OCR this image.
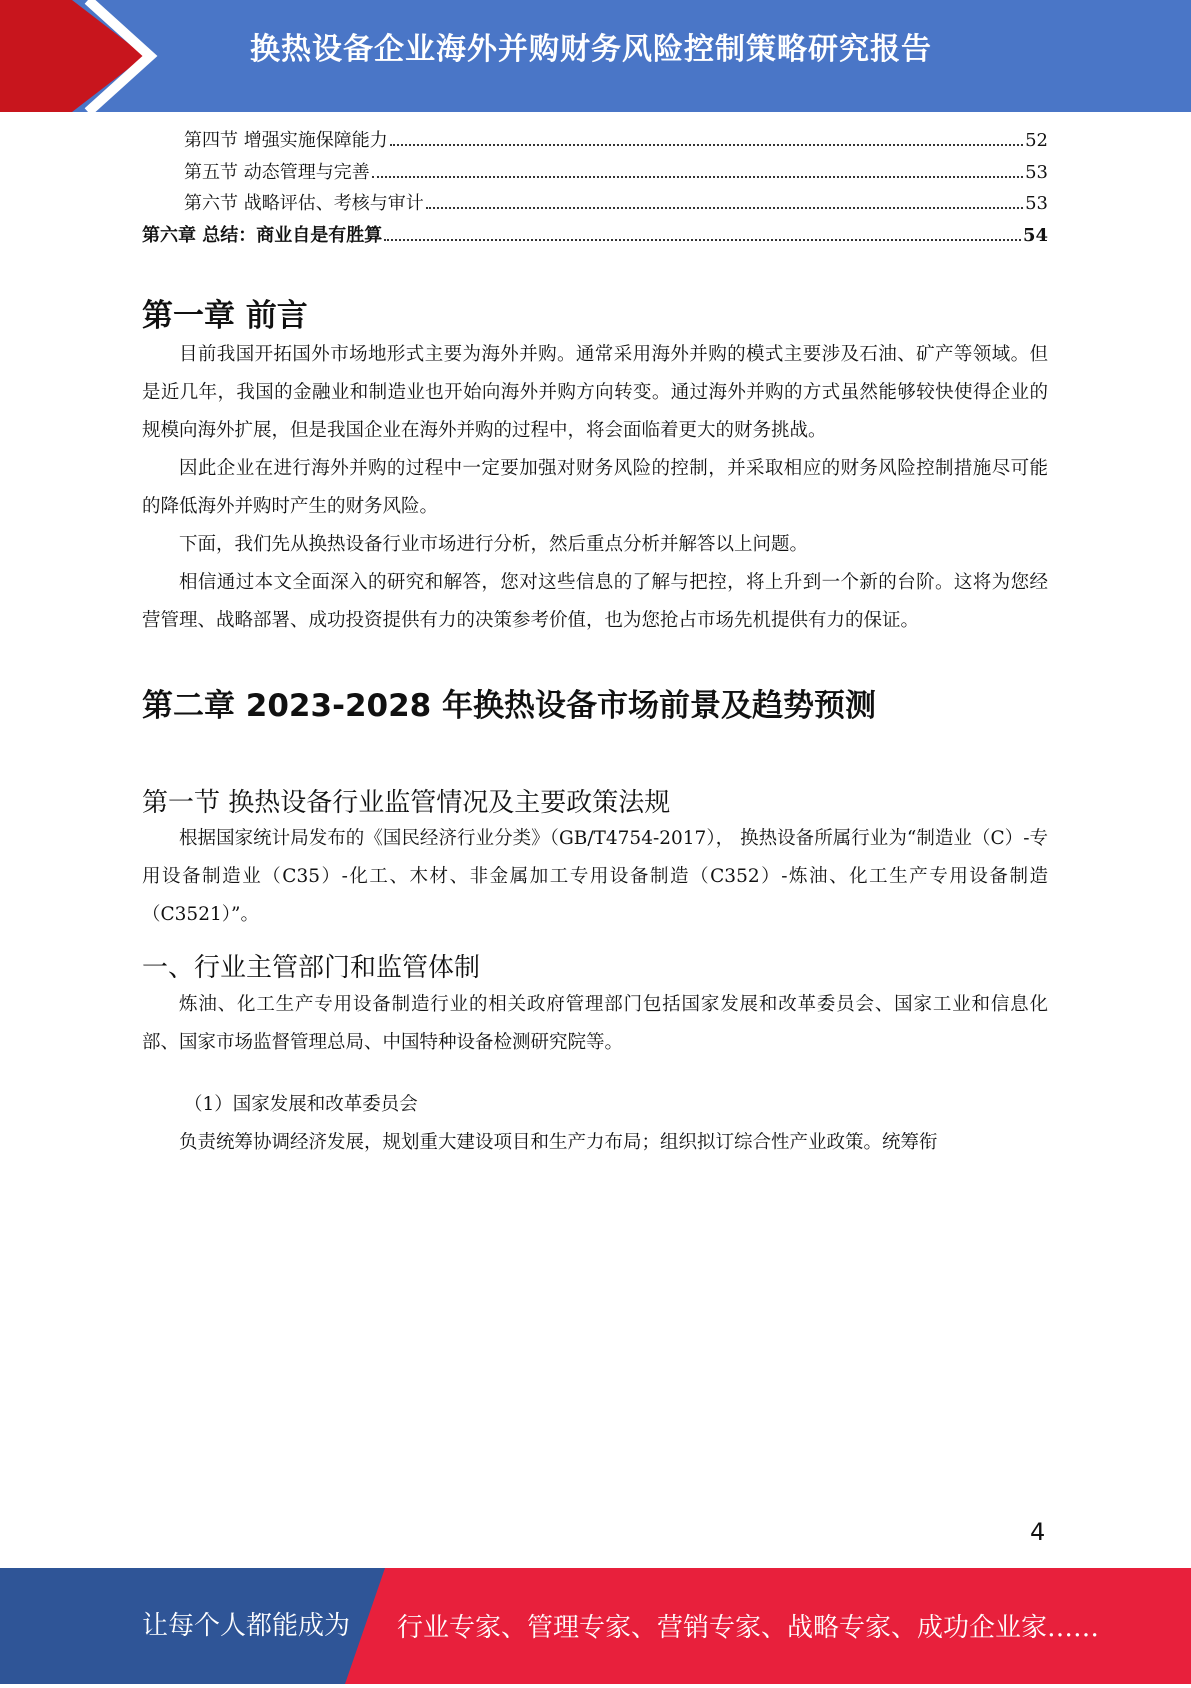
换热设备企业海外并购财务风险控制策略研究报告
第四节 增强实施保障能力	52
第五节 动态管理与完善	53
第六节 战略评估、考核与审计	53
第六章 总结：商业自是有胜算	54
第一章 前言

目前我国开拓国外市场地形式主要为海外并购。通常采用海外并购的模式主要涉及石油、矿产等领域。但是近几年，我国的金融业和制造业也开始向海外并购方向转变。通过海外并购的方式虽然能够较快使得企业的规模向海外扩展，但是我国企业在海外并购的过程中，将会面临着更大的财务挑战。

因此企业在进行海外并购的过程中一定要加强对财务风险的控制，并采取相应的财务风险控制措施尽可能的降低海外并购时产生的财务风险。

下面，我们先从换热设备行业市场进行分析，然后重点分析并解答以上问题。

相信通过本文全面深入的研究和解答，您对这些信息的了解与把控，将上升到一个新的台阶。这将为您经营管理、战略部署、成功投资提供有力的决策参考价值，也为您抢占市场先机提供有力的保证。

第二章 2023-2028 年换热设备市场前景及趋势预测
第一节 换热设备行业监管情况及主要政策法规

根据国家统计局发布的《国民经济行业分类》（GB/T4754-2017）， 换热设备所属行业为“制造业（C）-专用设备制造业（C35）-化工、木材、非金属加工专用设备制造（C352）-炼油、化工生产专用设备制造（C3521）”。

一、行业主管部门和监管体制

炼油、化工生产专用设备制造行业的相关政府管理部门包括国家发展和改革委员会、国家工业和信息化部、国家市场监督管理总局、中国特种设备检测研究院等。

（1）国家发展和改革委员会

负责统筹协调经济发展，规划重大建设项目和生产力布局；组织拟订综合性产业政策。统筹衔

4
让每个人都能成为 行业专家、管理专家、营销专家、战略专家、成功企业家……
